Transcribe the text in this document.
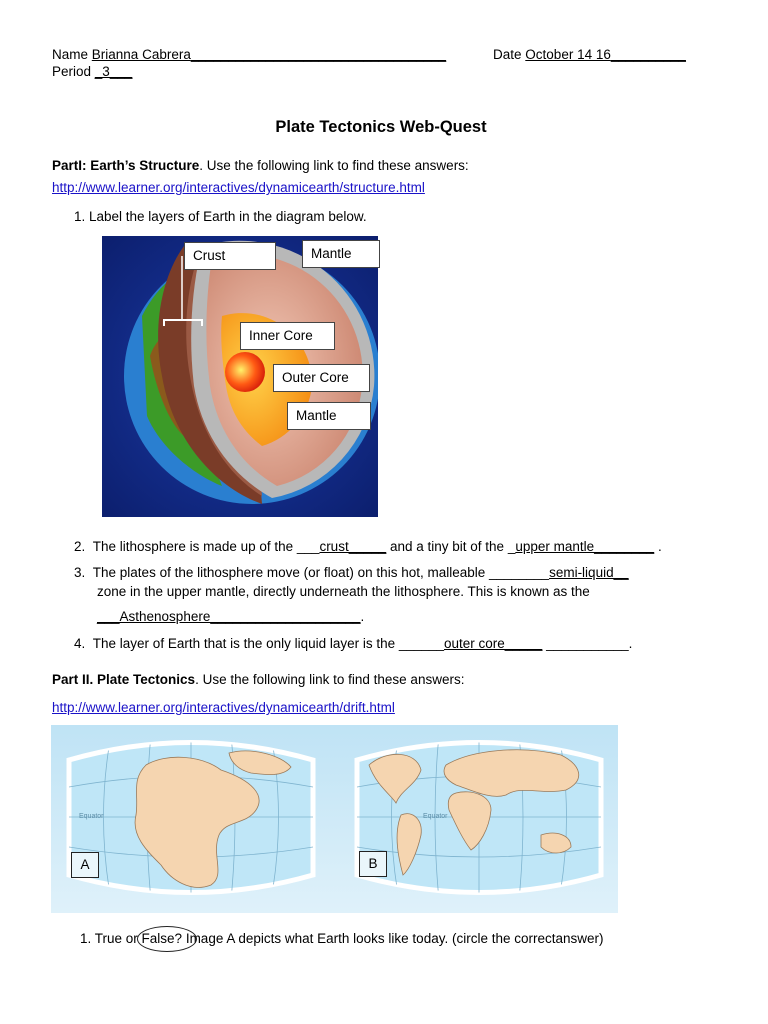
Name Brianna Cabrera__________________________________	Date October 14 16__________
Period _3___
Plate Tectonics Web-Quest
PartI: Earth’s Structure. Use the following link to find these answers:
http://www.learner.org/interactives/dynamicearth/structure.html
1. Label the layers of Earth in the diagram below.
Crust	Mantle
Inner Core
Outer Core
Mantle
2. The lithosphere is made up of the ___crust_____ and a tiny bit of the _upper mantle________ .
3. The plates of the lithosphere move (or float) on this hot, malleable ________semi-liquid__
zone in the upper mantle, directly underneath the lithosphere. This is known as the
___Asthenosphere____________________.
4. The layer of Earth that is the only liquid layer is the ______outer core_____ ___________.
Part II. Plate Tectonics. Use the following link to find these answers:
http://www.learner.org/interactives/dynamicearth/drift.html
Equator	Equator
A	B
1. True or False?
Image A depicts what Earth looks like today. (circle the correctanswer)
